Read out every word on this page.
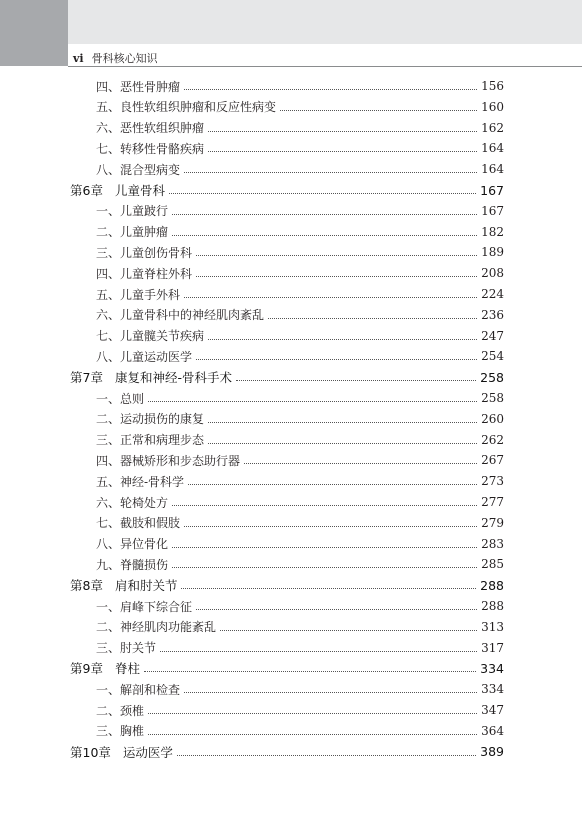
vi 骨科核心知识
四、恶性骨肿瘤	156
五、良性软组织肿瘤和反应性病变	160
六、恶性软组织肿瘤	162
七、转移性骨骼疾病	164
八、混合型病变	164
第6章 儿童骨科	167
一、儿童跛行	167
二、儿童肿瘤	182
三、儿童创伤骨科	189
四、儿童脊柱外科	208
五、儿童手外科	224
六、儿童骨科中的神经肌肉紊乱	236
七、儿童髋关节疾病	247
八、儿童运动医学	254
第7章 康复和神经-骨科手术	258
一、总则	258
二、运动损伤的康复	260
三、正常和病理步态	262
四、器械矫形和步态助行器	267
五、神经-骨科学	273
六、轮椅处方	277
七、截肢和假肢	279
八、异位骨化	283
九、脊髓损伤	285
第8章 肩和肘关节	288
一、肩峰下综合征	288
二、神经肌肉功能紊乱	313
三、肘关节	317
第9章 脊柱	334
一、解剖和检查	334
二、颈椎	347
三、胸椎	364
第10章 运动医学	389
